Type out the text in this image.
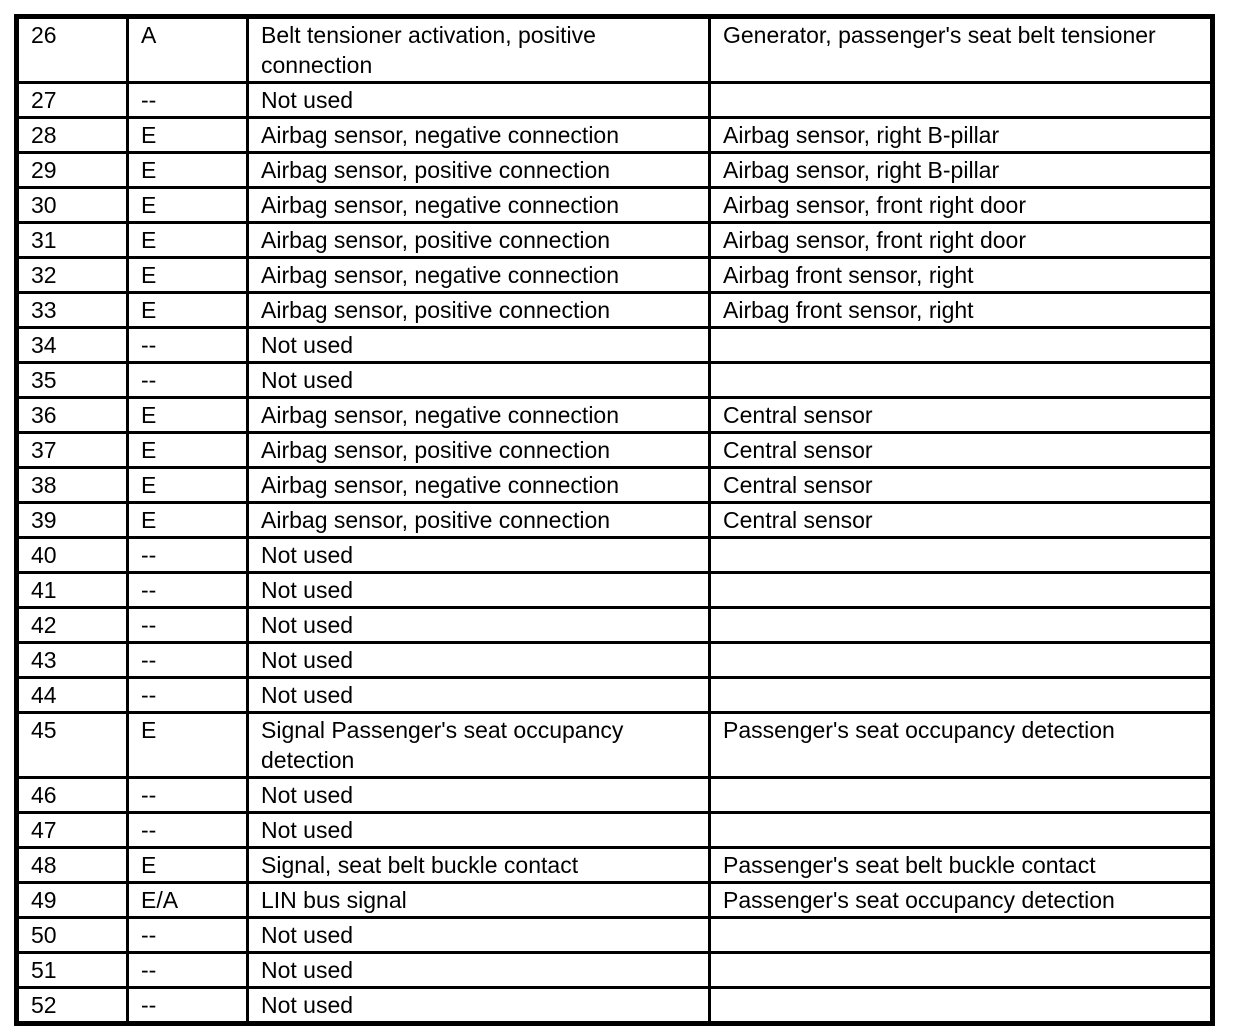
26	A	Belt tensioner activation, positive connection	Generator, passenger's seat belt tensioner
27	--	Not used	
28	E	Airbag sensor, negative connection	Airbag sensor, right B-pillar
29	E	Airbag sensor, positive connection	Airbag sensor, right B-pillar
30	E	Airbag sensor, negative connection	Airbag sensor, front right door
31	E	Airbag sensor, positive connection	Airbag sensor, front right door
32	E	Airbag sensor, negative connection	Airbag front sensor, right
33	E	Airbag sensor, positive connection	Airbag front sensor, right
34	--	Not used	
35	--	Not used	
36	E	Airbag sensor, negative connection	Central sensor
37	E	Airbag sensor, positive connection	Central sensor
38	E	Airbag sensor, negative connection	Central sensor
39	E	Airbag sensor, positive connection	Central sensor
40	--	Not used	
41	--	Not used	
42	--	Not used	
43	--	Not used	
44	--	Not used	
45	E	Signal Passenger's seat occupancy detection	Passenger's seat occupancy detection
46	--	Not used	
47	--	Not used	
48	E	Signal, seat belt buckle contact	Passenger's seat belt buckle contact
49	E/A	LIN bus signal	Passenger's seat occupancy detection
50	--	Not used	
51	--	Not used	
52	--	Not used	
